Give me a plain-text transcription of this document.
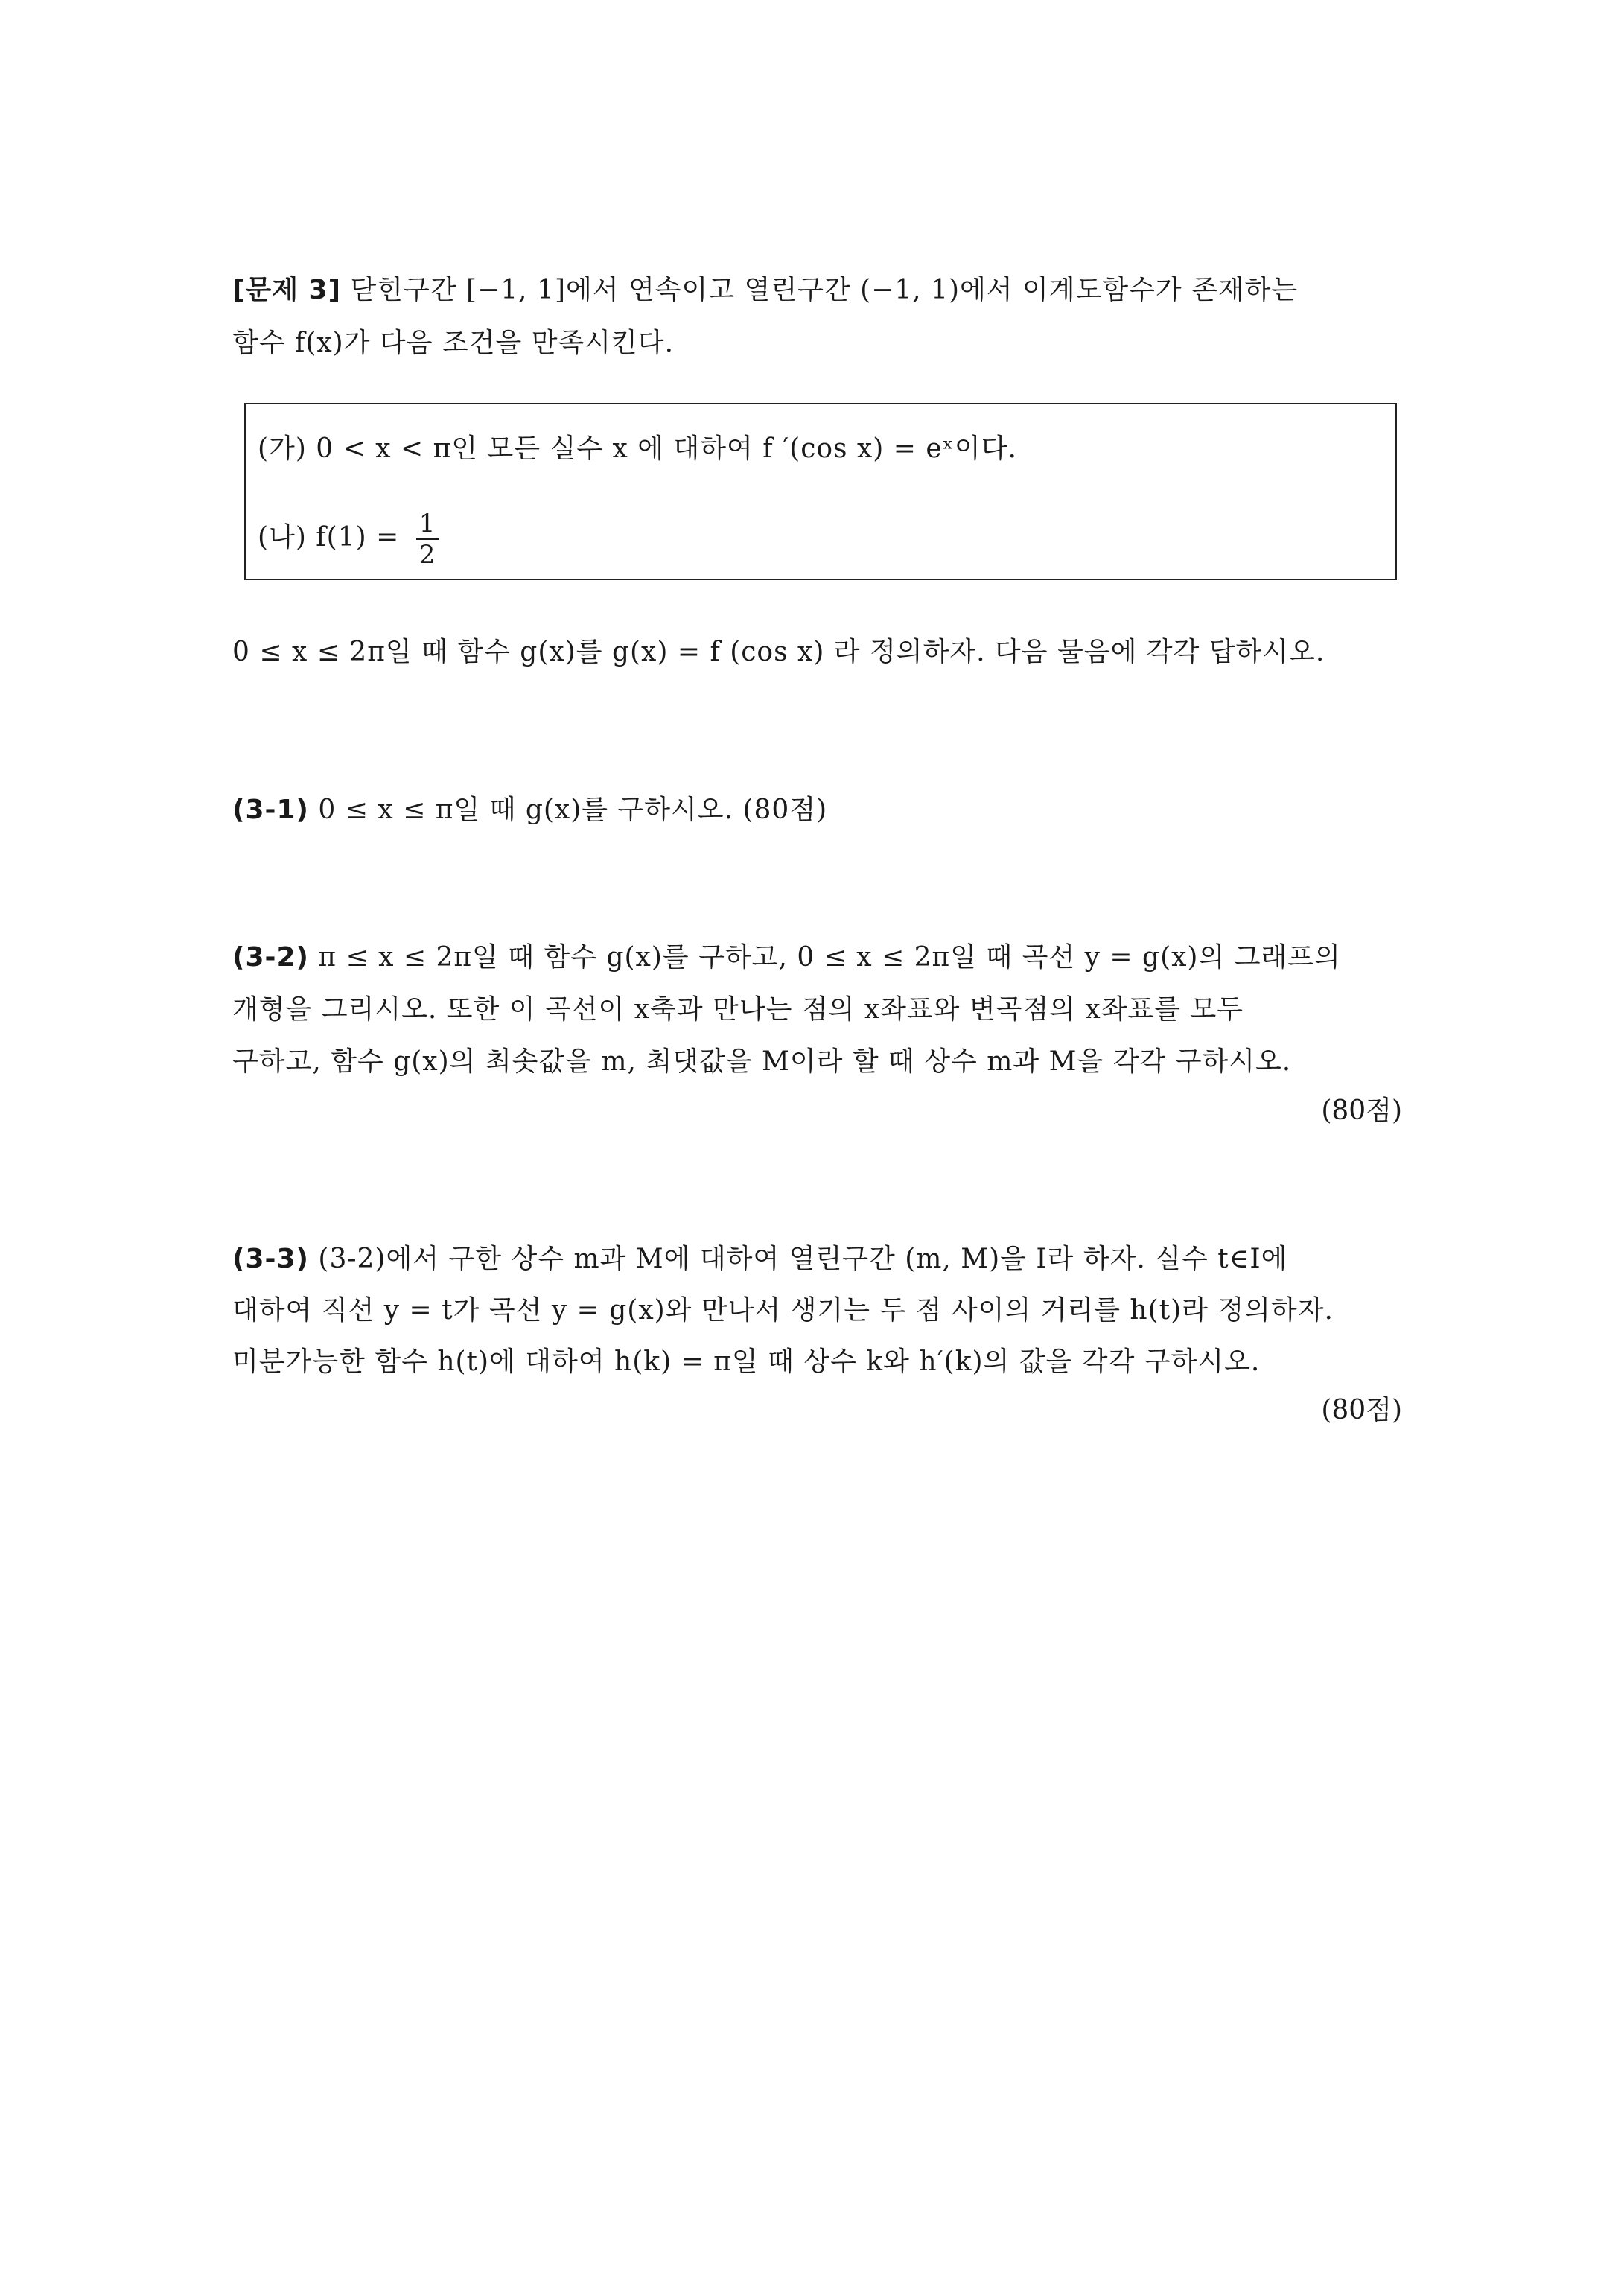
[문제 3] 닫힌구간 [−1, 1]에서 연속이고 열린구간 (−1, 1)에서 이계도함수가 존재하는
함수 f(x)가 다음 조건을 만족시킨다.
(가) 0 < x < π인 모든 실수 x 에 대하여 f ′(cos x) = eˣ이다.
(나) $f(1) = \frac{1}{2}$
0 ≤ x ≤ 2π일 때 함수 g(x)를 g(x) = f (cos x) 라 정의하자. 다음 물음에 각각 답하시오.
(3-1) 0 ≤ x ≤ π일 때 g(x)를 구하시오. (80점)
(3-2) π ≤ x ≤ 2π일 때 함수 g(x)를 구하고, 0 ≤ x ≤ 2π일 때 곡선 y = g(x)의 그래프의
개형을 그리시오. 또한 이 곡선이 x축과 만나는 점의 x좌표와 변곡점의 x좌표를 모두
구하고, 함수 g(x)의 최솟값을 m, 최댓값을 M이라 할 때 상수 m과 M을 각각 구하시오.
(80점)
(3-3) (3-2)에서 구한 상수 m과 M에 대하여 열린구간 (m, M)을 I라 하자. 실수 t∈I에
대하여 직선 y = t가 곡선 y = g(x)와 만나서 생기는 두 점 사이의 거리를 h(t)라 정의하자.
미분가능한 함수 h(t)에 대하여 h(k) = π일 때 상수 k와 h′(k)의 값을 각각 구하시오.
(80점)
